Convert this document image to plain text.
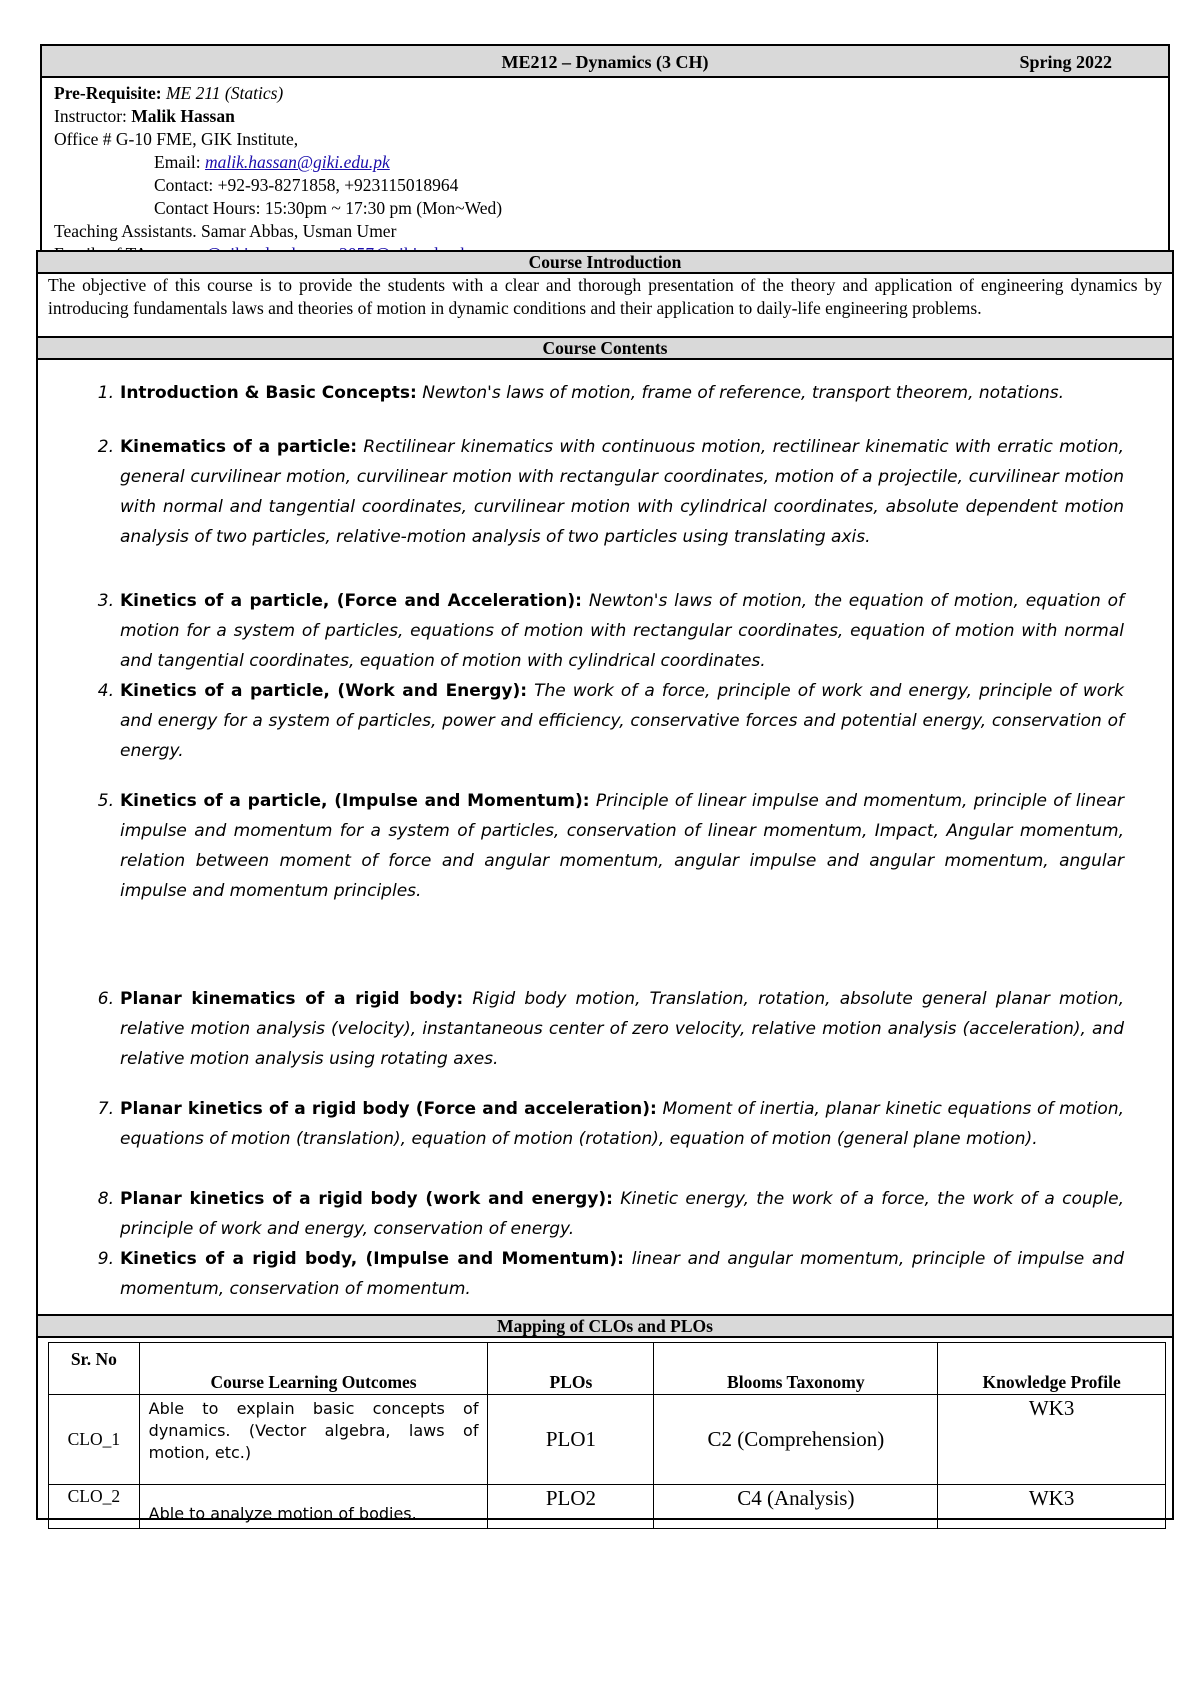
ME212 – Dynamics (3 CH)	Spring 2022
Pre-Requisite: ME 211 (Statics)
Instructor: Malik Hassan
Office # G-10 FME, GIK Institute,
Email: malik.hassan@giki.edu.pk
Contact: +92-93-8271858, +923115018964
Contact Hours: 15:30pm ~ 17:30 pm (Mon~Wed)
Teaching Assistants. Samar Abbas, Usman Umer
Course Introduction
The objective of this course is to provide the students with a clear and thorough presentation of the theory and application of engineering dynamics by introducing fundamentals laws and theories of motion in dynamic conditions and their application to daily-life engineering problems.
Course Contents
1. Introduction & Basic Concepts: Newton's laws of motion, frame of reference, transport theorem, notations.
2. Kinematics of a particle: Rectilinear kinematics with continuous motion, rectilinear kinematic with erratic motion, general curvilinear motion, curvilinear motion with rectangular coordinates, motion of a projectile, curvilinear motion with normal and tangential coordinates, curvilinear motion with cylindrical coordinates, absolute dependent motion analysis of two particles, relative-motion analysis of two particles using translating axis.
3. Kinetics of a particle, (Force and Acceleration): Newton's laws of motion, the equation of motion, equation of motion for a system of particles, equations of motion with rectangular coordinates, equation of motion with normal and tangential coordinates, equation of motion with cylindrical coordinates.
4. Kinetics of a particle, (Work and Energy): The work of a force, principle of work and energy, principle of work and energy for a system of particles, power and efficiency, conservative forces and potential energy, conservation of energy.
5. Kinetics of a particle, (Impulse and Momentum): Principle of linear impulse and momentum, principle of linear impulse and momentum for a system of particles, conservation of linear momentum, Impact, Angular momentum, relation between moment of force and angular momentum, angular impulse and angular momentum, angular impulse and momentum principles.
6. Planar kinematics of a rigid body: Rigid body motion, Translation, rotation, absolute general planar motion, relative motion analysis (velocity), instantaneous center of zero velocity, relative motion analysis (acceleration), and relative motion analysis using rotating axes.
7. Planar kinetics of a rigid body (Force and acceleration): Moment of inertia, planar kinetic equations of motion, equations of motion (translation), equation of motion (rotation), equation of motion (general plane motion).
8. Planar kinetics of a rigid body (work and energy): Kinetic energy, the work of a force, the work of a couple, principle of work and energy, conservation of energy.
9. Kinetics of a rigid body, (Impulse and Momentum): linear and angular momentum, principle of impulse and momentum, conservation of momentum.
Mapping of CLOs and PLOs
Sr. No	Course Learning Outcomes	PLOs	Blooms Taxonomy	Knowledge Profile
CLO_1	Able to explain basic concepts of dynamics. (Vector algebra, laws of motion, etc.)	PLO1	C2 (Comprehension)	WK3
CLO_2	Able to analyze motion of bodies.	PLO2	C4 (Analysis)	WK3
